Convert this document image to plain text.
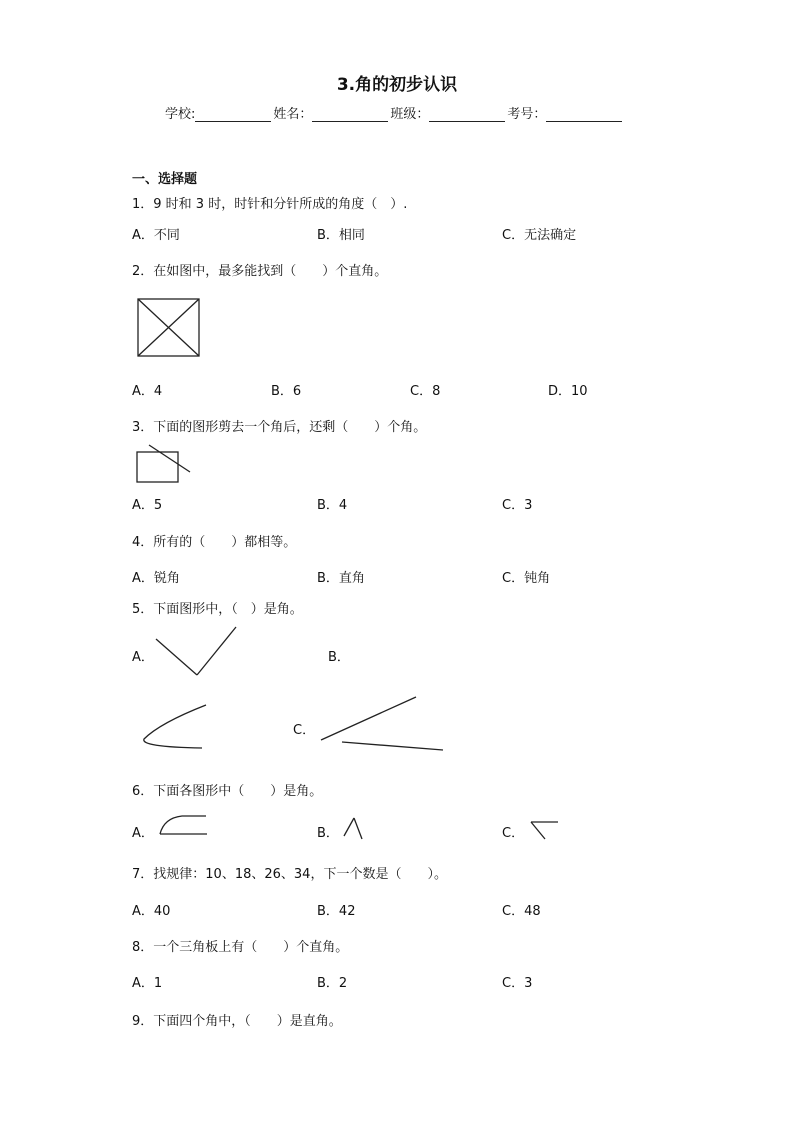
3.角的初步认识
学校:	姓名：	班级：	考号：
一、选择题
1．9 时和 3 时，时针和分针所成的角度（　）.
A．不同	B．相同	C．无法确定
2．在如图中，最多能找到（　　）个直角。
A．4	B．6	C．8	D．10
3．下面的图形剪去一个角后，还剩（　　）个角。
A．5	B．4	C．3
4．所有的（　　）都相等。
A．锐角	B．直角	C．钝角
5．下面图形中，（　）是角。
A．	B．
C．
6．下面各图形中（　　）是角。
A．	B．	C．
7．找规律：10、18、26、34，下一个数是（　　）。
A．40	B．42	C．48
8．一个三角板上有（　　）个直角。
A．1	B．2	C．3
9．下面四个角中，（　　）是直角。
